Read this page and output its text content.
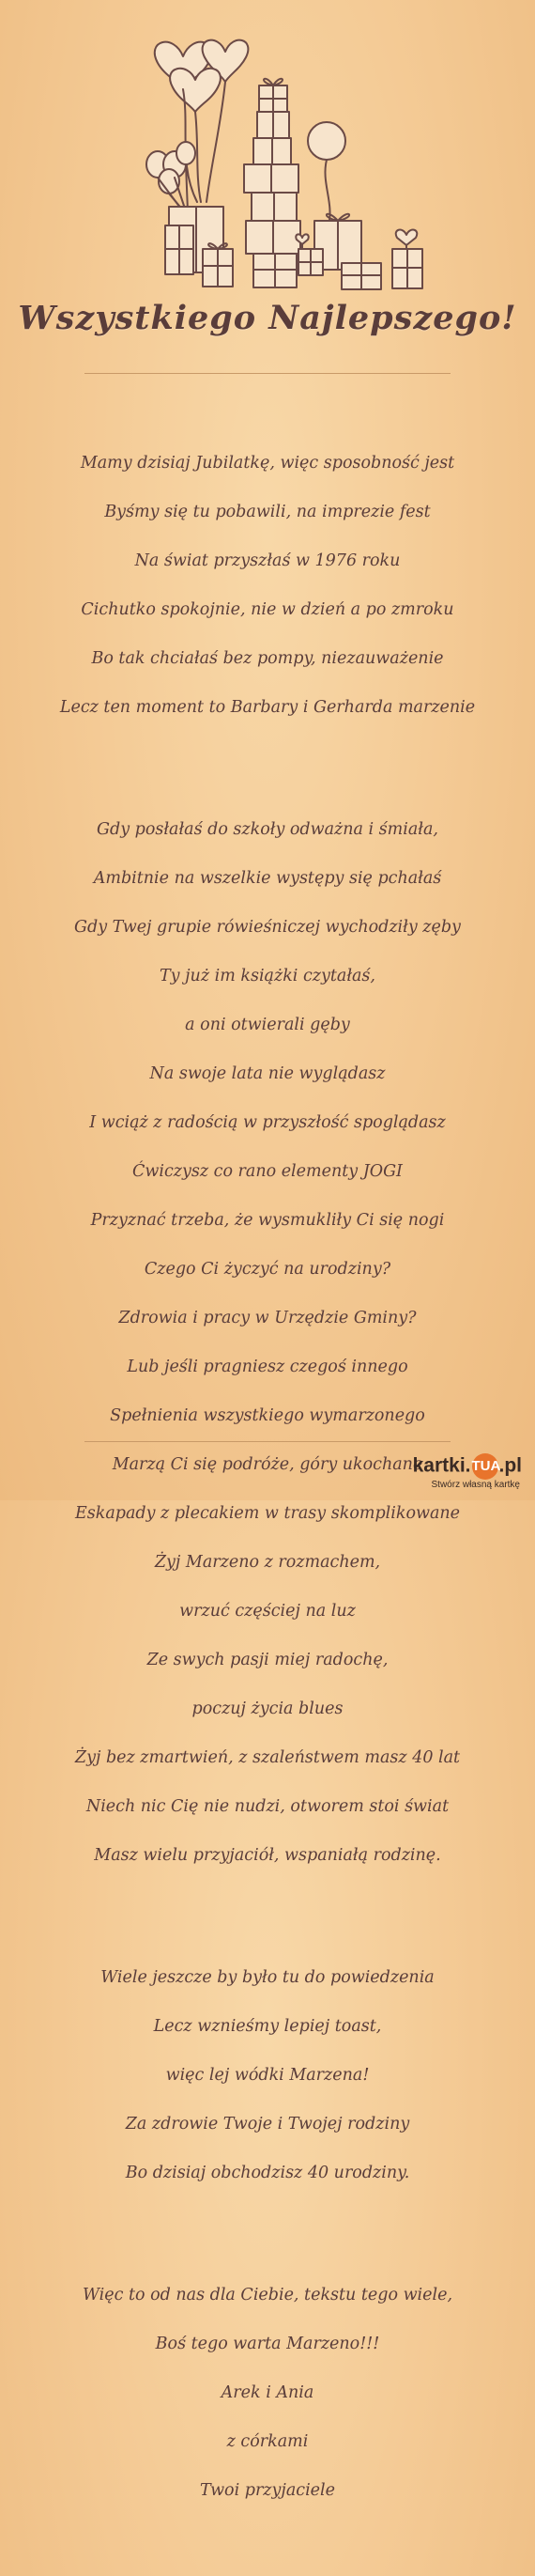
Wszystkiego Najlepszego!

Mamy dzisiaj Jubilatkę, więc sposobność jest

Byśmy się tu pobawili, na imprezie fest

Na świat przyszłaś w 1976 roku

Cichutko spokojnie, nie w dzień a po zmroku

Bo tak chciałaś bez pompy, niezauważenie

Lecz ten moment to Barbary i Gerharda marzenie

Gdy posłałaś do szkoły odważna i śmiała,

Ambitnie na wszelkie występy się pchałaś

Gdy Twej grupie rówieśniczej wychodziły zęby

Ty już im książki czytałaś,

a oni otwierali gęby

Na swoje lata nie wyglądasz

I wciąż z radością w przyszłość spoglądasz

Ćwiczysz co rano elementy JOGI

Przyznać trzeba, że wysmukliły Ci się nogi

Czego Ci życzyć na urodziny?

Zdrowia i pracy w Urzędzie Gminy?

Lub jeśli pragniesz czegoś innego

Spełnienia wszystkiego wymarzonego

Marzą Ci się podróże, góry ukochane

Eskapady z plecakiem w trasy skomplikowane

Żyj Marzeno z rozmachem,

wrzuć częściej na luz

Ze swych pasji miej radochę,

poczuj życia blues

Żyj bez zmartwień, z szaleństwem masz 40 lat

Niech nic Cię nie nudzi, otworem stoi świat

Masz wielu przyjaciół, wspaniałą rodzinę.

Wiele jeszcze by było tu do powiedzenia

Lecz wznieśmy lepiej toast,

więc lej wódki Marzena!

Za zdrowie Twoje i Twojej rodziny

Bo dzisiaj obchodzisz 40 urodziny.

Więc to od nas dla Ciebie, tekstu tego wiele,

Boś tego warta Marzeno!!!

Arek i Ania

z córkami

Twoi przyjaciele

kartki.TUA.pl
Stwórz własną kartkę
